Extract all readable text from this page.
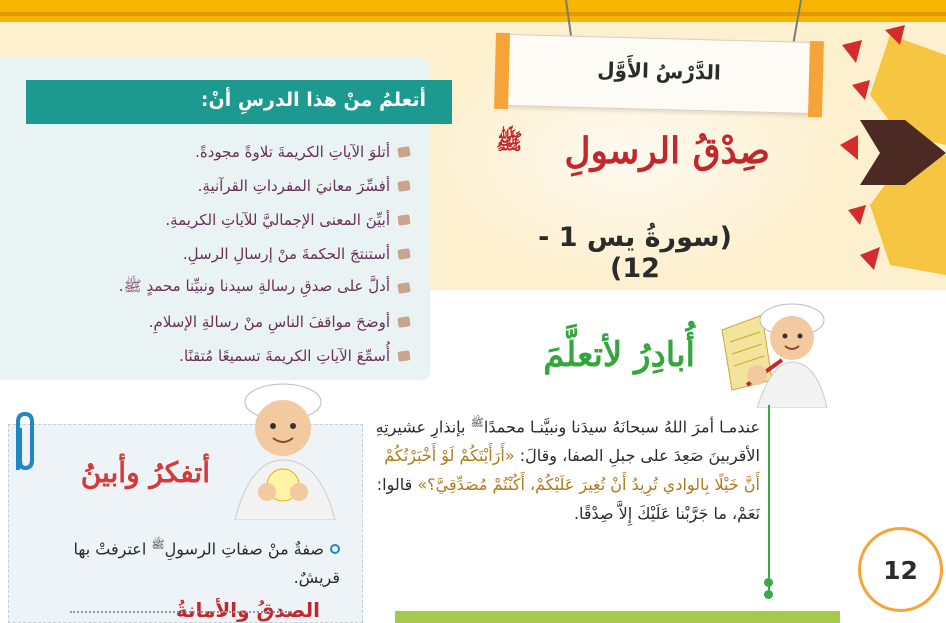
الدَّرْسُ الأَوَّل
صِدْقُ الرسولِ
ﷺ
(سورةُ يس 1 - 12)
أتعلمُ منْ هذا الدرسِ أنْ:
أتلوَ الآياتِ الكريمةَ تلاوةً مجودةً.
أفسِّرَ معانيَ المفرداتِ القرآنيةِ.
أبيِّنَ المعنى الإجماليَّ للآياتِ الكريمةِ.
أستنتجَ الحكمةَ منْ إرسالِ الرسلِ.
أدلَّ على صدقِ رسالةِ سيدنا ونبيِّنا محمدٍ ﷺ.
أوضحَ مواقفَ الناسِ منْ رسالةِ الإسلامِ.
أُسمِّعَ الآياتِ الكريمةَ تسميعًا مُتقنًا.	أُبادِرُ لأتعلَّمَ
عندمـا أمرَ اللهُ سبحانَهُ سيدَنا ونبيَّنـا محمدًا$^ﷺ$ بإنذارِ عشيرتِهِ الأقربينَ صَعِدَ على جبلِ الصفا، وقالَ: «أَرَأَيْتَكُمْ لَوْ أَخْبَرْتُكُمْ أَنَّ خَيْلًا بِالوادي تُرِيدُ أَنْ تُغِيرَ عَلَيْكُمْ، أَكُنْتُمْ مُصَدِّقِيَّ؟» قالوا: نَعَمْ، ما جَرَّبْنا عَلَيْكَ إِلاَّ صِدْقًا.
12
أتفكرُ وأبينُ
صفةٌ منْ صفاتِ الرسولِ$^ﷺ$ اعترفتْ بها قريشٌ.
الصدقُ والأمانةُ
